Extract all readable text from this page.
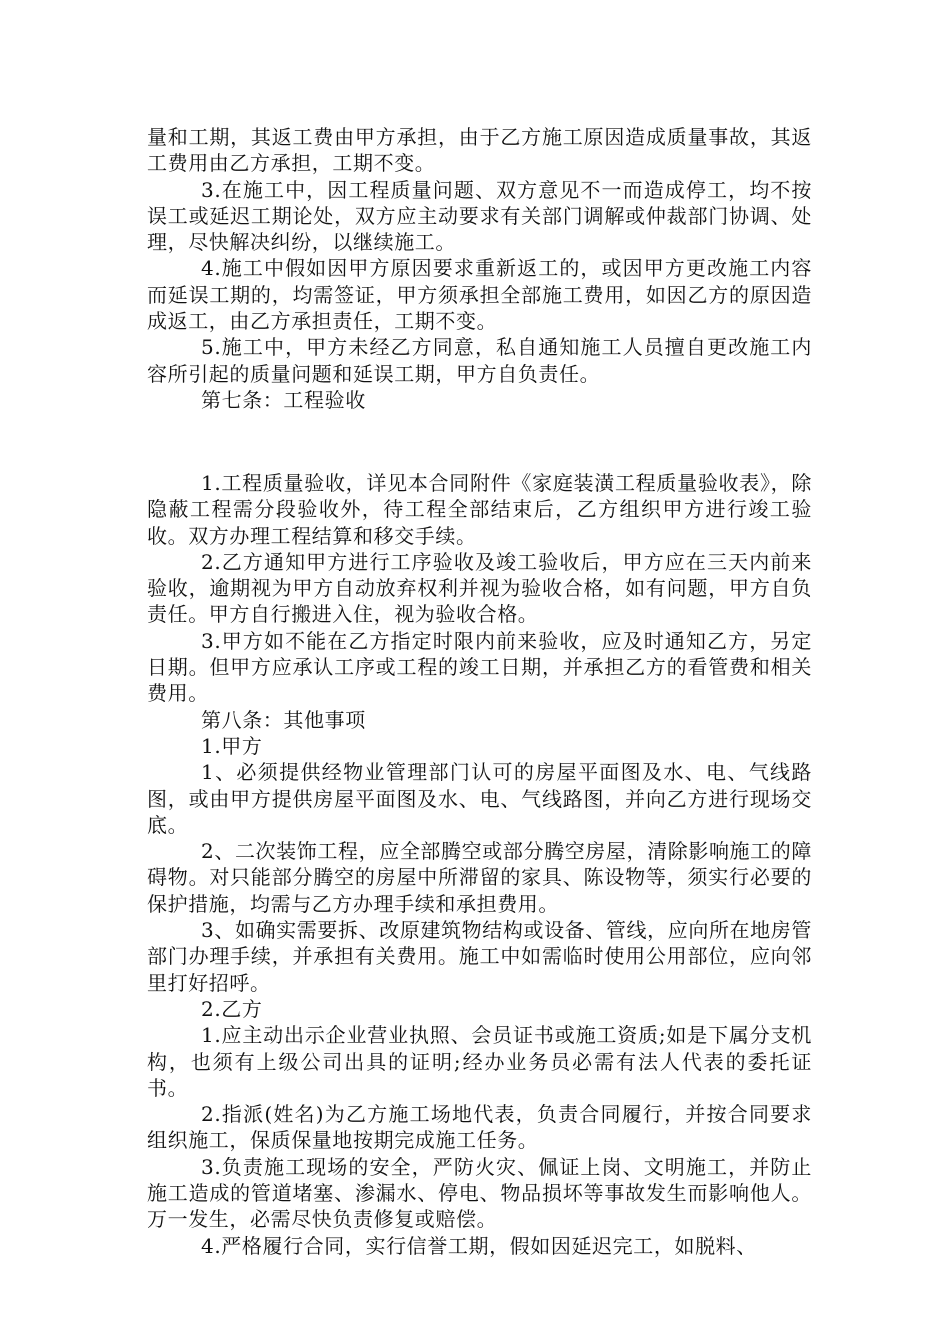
量和工期，其返工费由甲方承担，由于乙方施工原因造成质量事故，其返工费用由乙方承担，工期不变。

3.在施工中，因工程质量问题、双方意见不一而造成停工，均不按误工或延迟工期论处，双方应主动要求有关部门调解或仲裁部门协调、处理，尽快解决纠纷，以继续施工。

4.施工中假如因甲方原因要求重新返工的，或因甲方更改施工内容而延误工期的，均需签证，甲方须承担全部施工费用，如因乙方的原因造成返工，由乙方承担责任，工期不变。

5.施工中，甲方未经乙方同意，私自通知施工人员擅自更改施工内容所引起的质量问题和延误工期，甲方自负责任。

第七条：工程验收

1.工程质量验收，详见本合同附件《家庭装潢工程质量验收表》，除隐蔽工程需分段验收外，待工程全部结束后，乙方组织甲方进行竣工验收。双方办理工程结算和移交手续。

2.乙方通知甲方进行工序验收及竣工验收后，甲方应在三天内前来验收，逾期视为甲方自动放弃权利并视为验收合格，如有问题，甲方自负责任。甲方自行搬进入住，视为验收合格。

3.甲方如不能在乙方指定时限内前来验收，应及时通知乙方，另定日期。但甲方应承认工序或工程的竣工日期，并承担乙方的看管费和相关费用。

第八条：其他事项

1.甲方

1、必须提供经物业管理部门认可的房屋平面图及水、电、气线路图，或由甲方提供房屋平面图及水、电、气线路图，并向乙方进行现场交底。

2、二次装饰工程，应全部腾空或部分腾空房屋，清除影响施工的障碍物。对只能部分腾空的房屋中所滞留的家具、陈设物等，须实行必要的保护措施，均需与乙方办理手续和承担费用。

3、如确实需要拆、改原建筑物结构或设备、管线，应向所在地房管部门办理手续，并承担有关费用。施工中如需临时使用公用部位，应向邻里打好招呼。

2.乙方

1.应主动出示企业营业执照、会员证书或施工资质;如是下属分支机构，也须有上级公司出具的证明;经办业务员必需有法人代表的委托证书。

2.指派(姓名)为乙方施工场地代表，负责合同履行，并按合同要求组织施工，保质保量地按期完成施工任务。

3.负责施工现场的安全，严防火灾、佩证上岗、文明施工，并防止施工造成的管道堵塞、渗漏水、停电、物品损坏等事故发生而影响他人。万一发生，必需尽快负责修复或赔偿。

4.严格履行合同，实行信誉工期，假如因延迟完工，如脱料、
